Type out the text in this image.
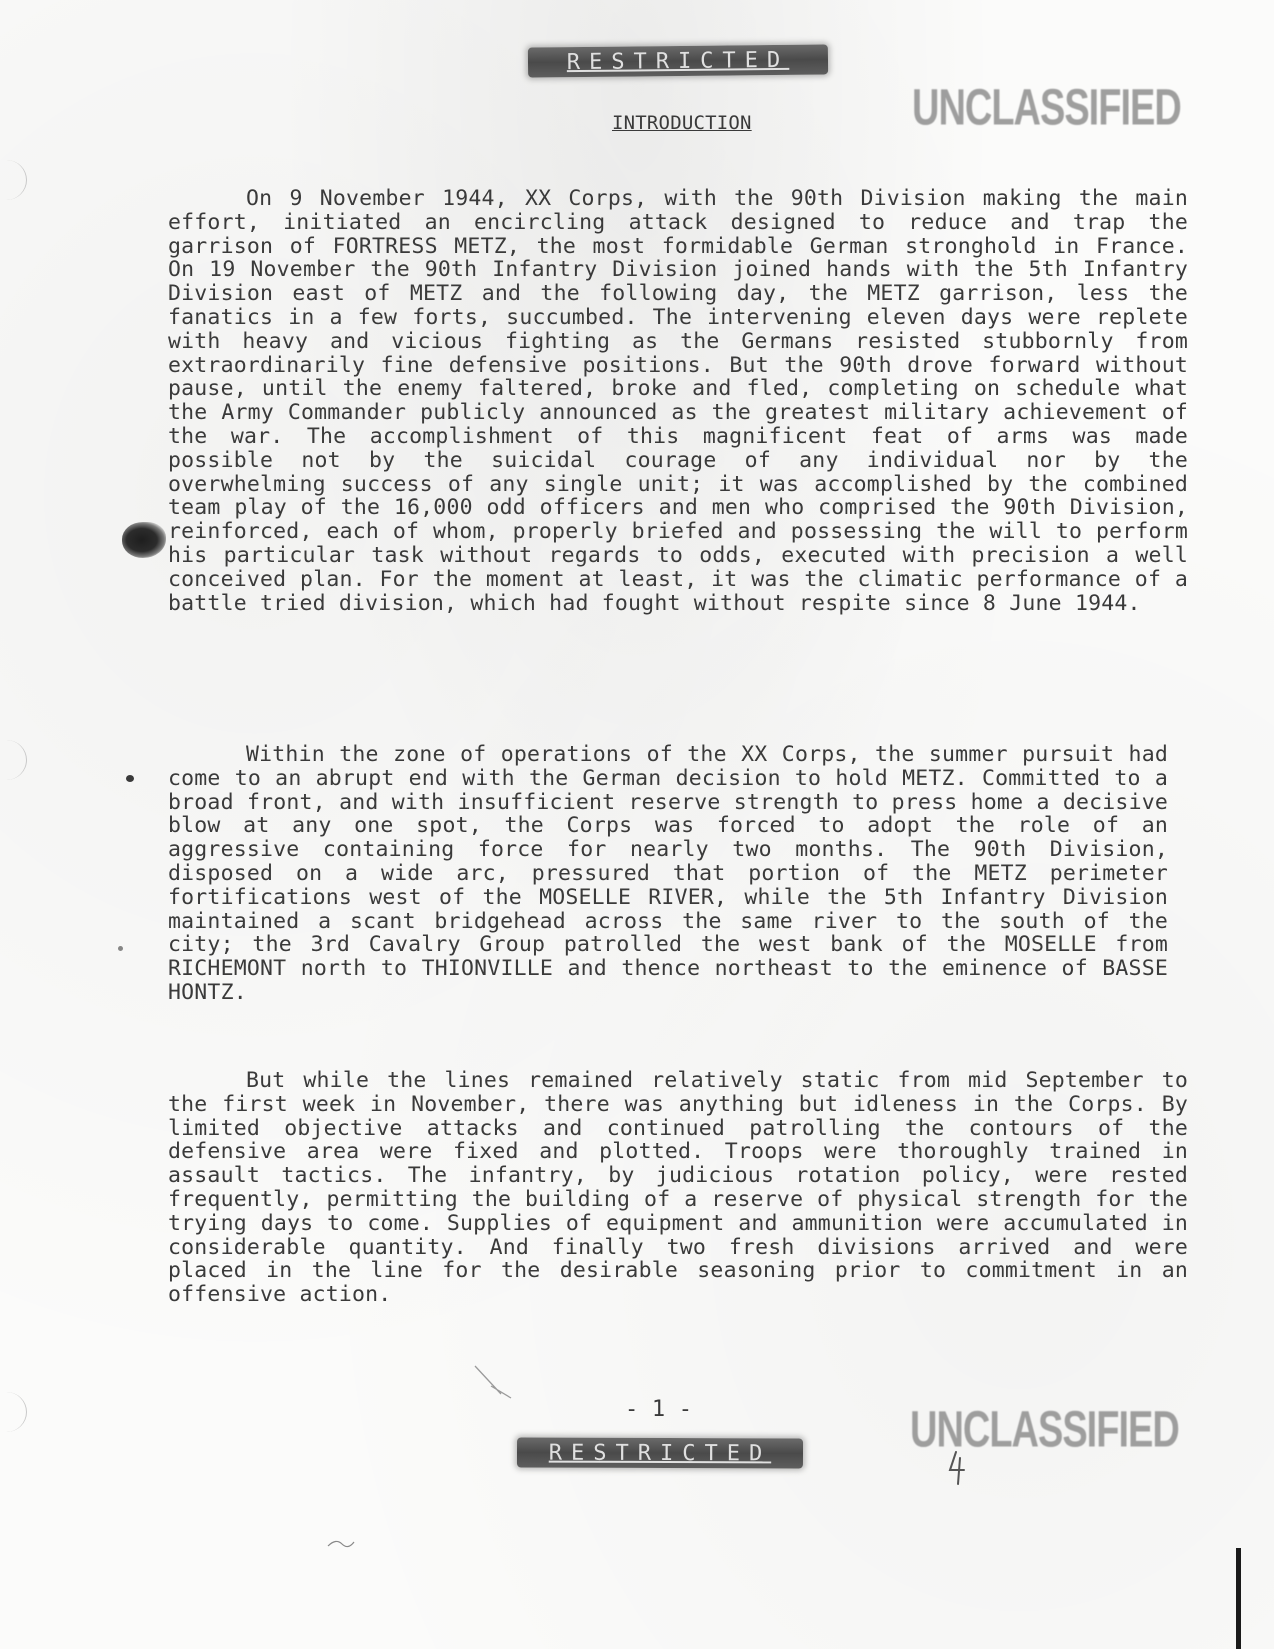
RESTRICTED
UNCLASSIFIED
INTRODUCTION

On 9 November 1944, XX Corps, with the 90th Division making the main effort, initiated an encircling attack designed to reduce and trap the garrison of FORTRESS METZ, the most formidable German stronghold in France. On 19 November the 90th Infantry Division joined hands with the 5th Infantry Division east of METZ and the following day, the METZ garrison, less the fanatics in a few forts, succumbed. The intervening eleven days were replete with heavy and vicious fighting as the Germans resisted stubbornly from extraordinarily fine defensive positions. But the 90th drove forward without pause, until the enemy faltered, broke and fled, completing on schedule what the Army Commander publicly announced as the greatest military achievement of the war. The accomplishment of this magnificent feat of arms was made possible not by the suicidal courage of any individual nor by the overwhelming success of any single unit; it was accomplished by the combined team play of the 16,000 odd officers and men who comprised the 90th Division, reinforced, each of whom, properly briefed and possessing the will to perform his particular task without regards to odds, executed with precision a well conceived plan. For the moment at least, it was the climatic performance of a battle tried division, which had fought without respite since 8 June 1944.

Within the zone of operations of the XX Corps, the summer pursuit had come to an abrupt end with the German decision to hold METZ. Committed to a broad front, and with insufficient reserve strength to press home a decisive blow at any one spot, the Corps was forced to adopt the role of an aggressive containing force for nearly two months. The 90th Division, disposed on a wide arc, pressured that portion of the METZ perimeter fortifications west of the MOSELLE RIVER, while the 5th Infantry Division maintained a scant bridgehead across the same river to the south of the city; the 3rd Cavalry Group patrolled the west bank of the MOSELLE from RICHEMONT north to THIONVILLE and thence northeast to the eminence of BASSE HONTZ.

But while the lines remained relatively static from mid September to the first week in November, there was anything but idleness in the Corps. By limited objective attacks and continued patrolling the contours of the defensive area were fixed and plotted. Troops were thoroughly trained in assault tactics. The infantry, by judicious rotation policy, were rested frequently, permitting the building of a reserve of physical strength for the trying days to come. Supplies of equipment and ammunition were accumulated in considerable quantity. And finally two fresh divisions arrived and were placed in the line for the desirable seasoning prior to commitment in an offensive action.

- 1 -	UNCLASSIFIED
RESTRICTED
